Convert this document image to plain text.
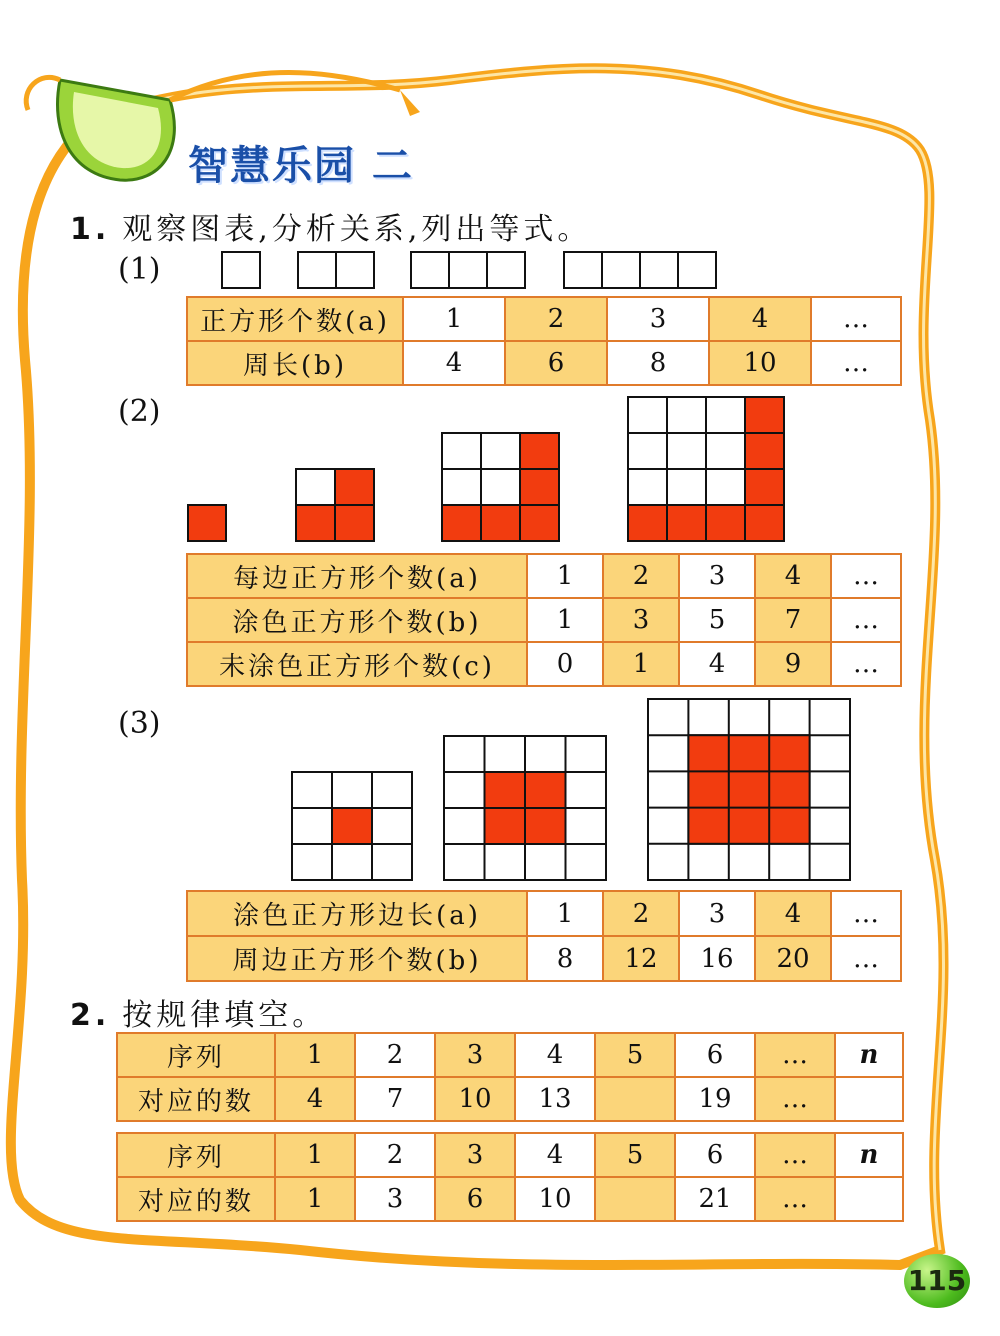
智慧乐园 二
1. 观察图表,分析关系,列出等式。
(1)
正方形个数(a)	1	2	3	4	…
周长(b)	4	6	8	10	…
(2)
每边正方形个数(a)	1	2	3	4	…
涂色正方形个数(b)	1	3	5	7	…
未涂色正方形个数(c)	0	1	4	9	…
(3)
涂色正方形边长(a)	1	2	3	4	…
周边正方形个数(b)	8	12	16	20	…
2. 按规律填空。
序列	1	2	3	4	5	6	…	n
对应的数	4	7	10	13		19	…	
序列	1	2	3	4	5	6	…	n
对应的数	1	3	6	10		21	…	
115
